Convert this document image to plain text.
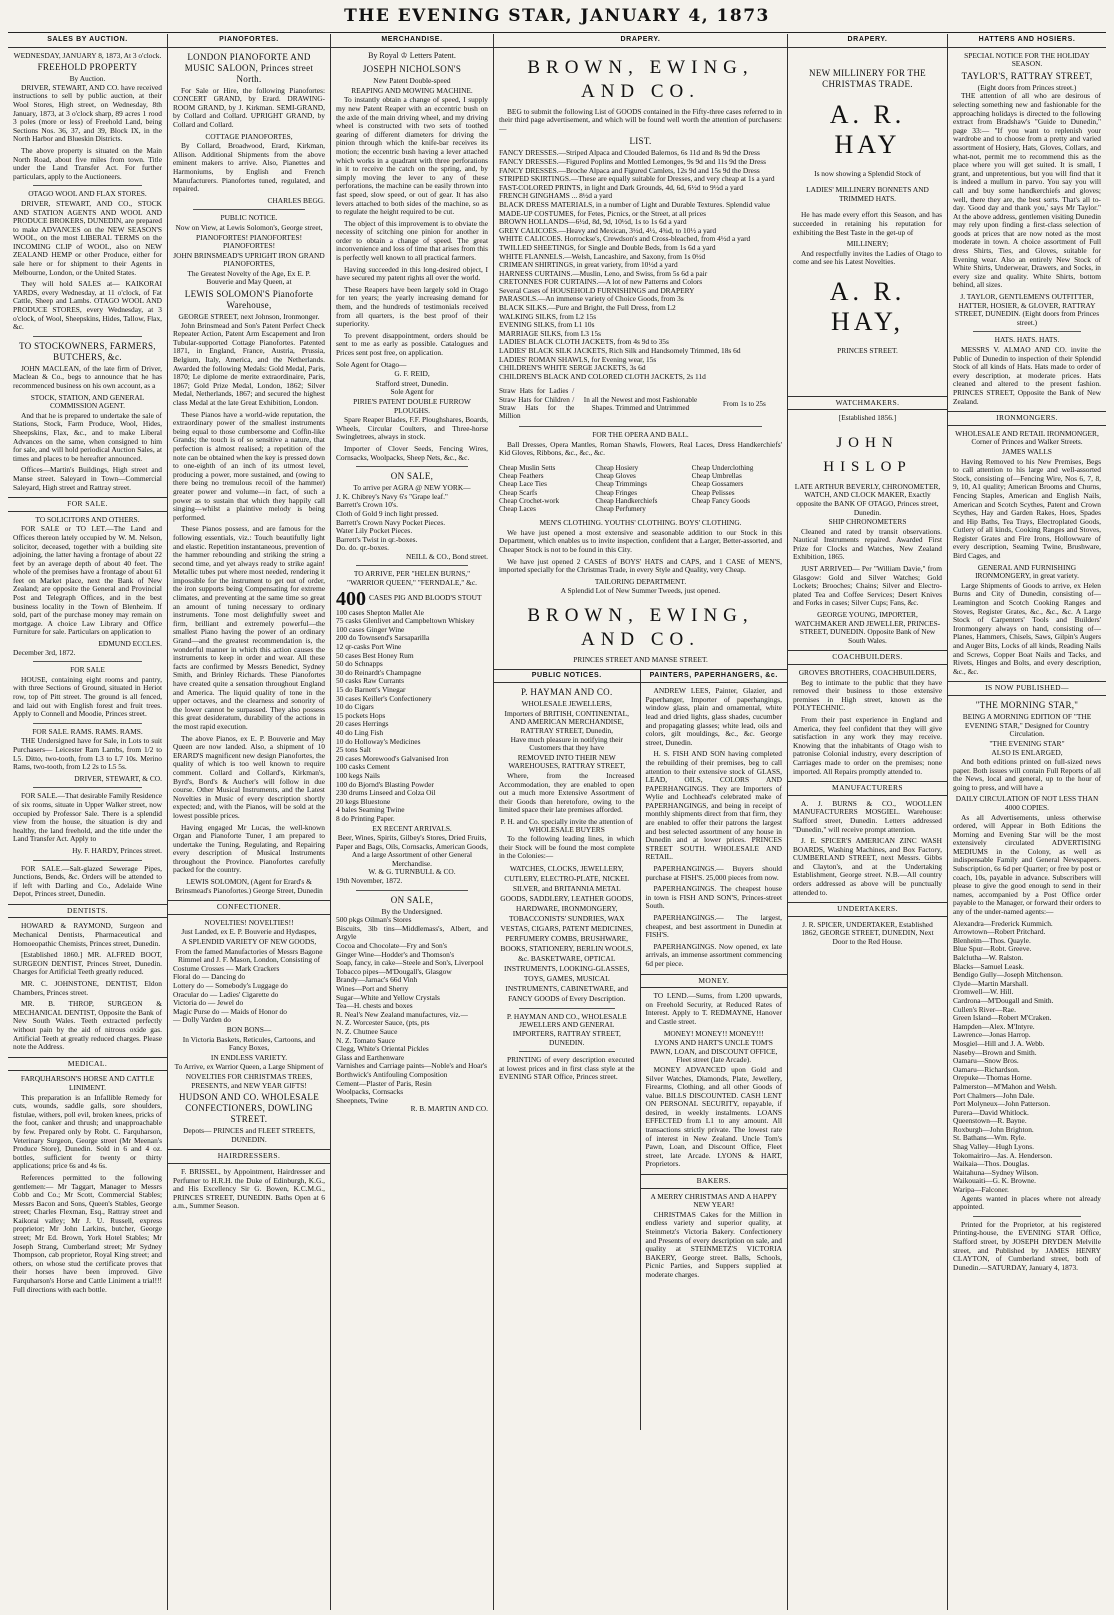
THE EVENING STAR, JANUARY 4, 1873
SALES BY AUCTION.
WEDNESDAY, JANUARY 8, 1873, At 3 o'clock.
FREEHOLD PROPERTY
By Auction.
DRIVER, STEWART, AND CO. have received instructions to sell by public auction, at their Wool Stores, High street, on Wednesday, 8th January, 1873, at 3 o'clock sharp, 89 acres 1 rood 3 poles (more or less) of Freehold Land, being Sections Nos. 36, 37, and 39, Block IX, in the North Harbor and Blueskin Districts.
The above property is situated on the Main North Road, about five miles from town. Title under the Land Transfer Act. For further particulars, apply to the Auctioneers.
OTAGO WOOL AND FLAX STORES.
DRIVER, STEWART, AND CO., STOCK AND STATION AGENTS AND WOOL AND PRODUCE BROKERS, DUNEDIN, are prepared to make ADVANCES on the NEW SEASON'S WOOL, on the most LIBERAL TERMS on the INCOMING CLIP of WOOL, also on NEW ZEALAND HEMP or other Produce, either for sale here or for shipment to their Agents in Melbourne, London, or the United States.
They will hold SALES at— KAIKORAI YARDS, every Wednesday, at 11 o'clock, of Fat Cattle, Sheep and Lambs. OTAGO WOOL AND PRODUCE STORES, every Wednesday, at 3 o'clock, of Wool, Sheepskins, Hides, Tallow, Flax, &c.
TO STOCKOWNERS, FARMERS, BUTCHERS, &c.
JOHN MACLEAN, of the late firm of Driver, Maclean & Co., begs to announce that he has recommenced business on his own account, as a
STOCK, STATION, AND GENERAL COMMISSION AGENT.
And that he is prepared to undertake the sale of Stations, Stock, Farm Produce, Wool, Hides, Sheepskins, Flax, &c., and to make Liberal Advances on the same, when consigned to him for sale, and will hold periodical Auction Sales, at times and places to be hereafter announced.
Offices—Martin's Buildings, High street and Manse street. Saleyard in Town—Commercial Saleyard, High street and Rattray street.
FOR SALE.
TO SOLICITORS AND OTHERS.
FOR SALE or TO LET.—The Land and Offices thereon lately occupied by W. M. Nelson, solicitor, deceased, together with a building site adjoining, the latter having a frontage of about 22 feet by an average depth of about 40 feet. The whole of the premises have a frontage of about 61 feet on Market place, next the Bank of New Zealand; are opposite the General and Provincial Post and Telegraph Offices, and in the best business locality in the Town of Blenheim. If sold, part of the purchase money may remain on mortgage. A choice Law Library and Office Furniture for sale. Particulars on application to
EDMUND ECCLES.
December 3rd, 1872.
FOR SALE
HOUSE, containing eight rooms and pantry, with three Sections of Ground, situated in Heriot row, top of Pitt street. The ground is all fenced, and laid out with English forest and fruit trees. Apply to Connell and Moodie, Princes street.
FOR SALE. RAMS. RAMS. RAMS.
THE Undersigned have for Sale, in Lots to suit Purchasers— Leicester Ram Lambs, from 1/2 to L5. Ditto, two-tooth, from L3 to L7 10s. Merino Rams, two-tooth, from L2 2s to L5 5s.
DRIVER, STEWART, & CO.
FOR SALE.—That desirable Family Residence of six rooms, situate in Upper Walker street, now occupied by Professor Sale. There is a splendid view from the house, the situation is dry and healthy, the land freehold, and the title under the Land Transfer Act. Apply to
Hy. F. HARDY, Princes street.
FOR SALE.—Salt-glazed Sewerage Pipes, Junctions, Bends, &c. Orders will be attended to if left with Darling and Co., Adelaide Wine Depot, Princes street, Dunedin.
DENTISTS.
HOWARD & RAYMOND, Surgeon and Mechanical Dentists, Pharmaceutical and Homoeopathic Chemists, Princes street, Dunedin.
[Established 1860.] MR. ALFRED BOOT, SURGEON DENTIST, Princes Street, Dunedin. Charges for Artificial Teeth greatly reduced.
MR. C. JOHNSTONE, DENTIST, Eldon Chambers, Princes street.
MR. B. THROP, SURGEON & MECHANICAL DENTIST, Opposite the Bank of New South Wales. Teeth extracted perfectly without pain by the aid of nitrous oxide gas. Artificial Teeth at greatly reduced charges. Please note the Address.
MEDICAL.
FARQUHARSON'S HORSE AND CATTLE LINIMENT.
This preparation is an Infallible Remedy for cuts, wounds, saddle galls, sore shoulders, fistulae, withers, poll evil, broken knees, pricks of the foot, canker and thrush; and unapproachable by few. Prepared only by Robt. C. Farquharson, Veterinary Surgeon, George street (Mr Meenan's Produce Store), Dunedin. Sold in 6 and 4 oz. bottles, sufficient for twenty or thirty applications; price 6s and 4s 6s.
References permitted to the following gentlemen:— Mr Taggart, Manager to Messrs Cobb and Co.; Mr Scott, Commercial Stables; Messrs Bacon and Sons, Queen's Stables, George street; Charles Flexman, Esq., Rattray street and Kaikorai valley; Mr J. U. Russell, express proprietor; Mr John Larkins, butcher, George street; Mr Ed. Brown, York Hotel Stables; Mr Joseph Strang, Cumberland street; Mr Sydney Thompson, cab proprietor, Royal King street; and others, on whose stud the certificate proves that their horses have been improved. Give Farquharson's Horse and Cattle Liniment a trial!!! Full directions with each bottle.
PIANOFORTES.
LONDON PIANOFORTE AND MUSIC SALOON, Princes street North.
For Sale or Hire, the following Pianofortes: CONCERT GRAND, by Erard. DRAWING-ROOM GRAND, by J. Kirkman. SEMI-GRAND, by Collard and Collard. UPRIGHT GRAND, by Collard and Collard.
COTTAGE PIANOFORTES,
By Collard, Broadwood, Erard, Kirkman, Allison. Additional Shipments from the above eminent makers to arrive. Also, Pianettes and Harmoniums, by English and French Manufacturers. Pianofortes tuned, regulated, and repaired.
CHARLES BEGG.
PUBLIC NOTICE.
Now on View, at Lewis Solomon's, George street,
PIANOFORTES! PIANOFORTES! PIANOFORTES!
JOHN BRINSMEAD'S UPRIGHT IRON GRAND PIANOFORTES,
The Greatest Novelty of the Age, Ex E. P. Bouverie and May Queen, at
LEWIS SOLOMON'S Pianoforte Warehouse,
GEORGE STREET, next Johnson, Ironmonger.
John Brinsmead and Son's Patent Perfect Check Repeater Action, Patent Arm Escapement and Iron Tubular-supported Cottage Pianofortes. Patented 1871, in England, France, Austria, Prussia, Belgium, Italy, America, and the Netherlands. Awarded the following Medals: Gold Medal, Paris, 1870; Le diplome de merite extraordinaire, Paris, 1867; Gold Prize Medal, London, 1862; Silver Medal, Netherlands, 1867; and secured the highest class Medal at the late Great Exhibition, London.
These Pianos have a world-wide reputation, the extraordinary power of the smallest instruments being equal to those cumbersome and Coffin-like Grands; the touch is of so sensitive a nature, that perfection is almost realised; a repetition of the note can be obtained when the key is pressed down to one-eighth of an inch of its utmost level, producing a power, more sustained, and (owing to there being no tremulous recoil of the hammer) greater power and volume—in fact, of such a power as to sustain that which they happily call singing—whilst a plaintive melody is being performed.
These Pianos possess, and are famous for the following essentials, viz.: Touch beautifully light and elastic. Repetition instantaneous, prevention of the hammer rebounding and striking the string a second time, and yet always ready to strike again! Metallic tubes put where most needed, rendering it impossible for the instrument to get out of order, the iron supports being Compensating for extreme climates, and preventing at the same time so great an amount of tuning necessary to ordinary instruments. Tone most delightfully sweet and firm, brilliant and extremely powerful—the smallest Piano having the power of an ordinary Grand—and the greatest recommendation is, the wonderful manner in which this action causes the instruments to keep in order and wear. All these facts are confirmed by Messrs Benedict, Sydney Smith, and Brinley Richards. These Pianofortes have created quite a sensation throughout England and America. The liquid quality of tone in the upper octaves, and the clearness and sonority of the lower cannot be surpassed. They also possess this great desideratum, durability of the actions in the most rapid execution.
The above Pianos, ex E. P. Bouverie and May Queen are now landed. Also, a shipment of 10 ERARD'S magnificent new design Pianofortes, the quality of which is too well known to require comment. Collard and Collard's, Kirkman's, Byrd's, Bord's & Aucher's will follow in due course. Other Musical Instruments, and the Latest Novelties in Music of every description shortly expected; and, with the Pianos, will be sold at the lowest possible prices.
Having engaged Mr Lucas, the well-known Organ and Pianoforte Tuner, I am prepared to undertake the Tuning, Regulating, and Repairing every description of Musical Instruments throughout the Province. Pianofortes carefully packed for the country.
LEWIS SOLOMON, (Agent for Erard's & Brinsmead's Pianofortes.) George Street, Dunedin
CONFECTIONER.
NOVELTIES! NOVELTIES!!
Just Landed, ex E. P. Bouverie and Hydaspes,
A SPLENDID VARIETY OF NEW GOODS,
From the famed Manufactories of Messrs Bagone Rimmel and J. F. Mason, London, Consisting of
Costume Crosses — Mark Crackers
Floral do — Dancing do
Lottery do — Somebody's Luggage do
Oracular do — Ladies' Cigarette do
Victoria do — Jewel do
Magic Purse do — Maids of Honor do
— Dolly Varden do
BON BONS—
In Victoria Baskets, Reticules, Cartoons, and Fancy Boxes,
IN ENDLESS VARIETY.
To Arrive, ex Warrior Queen, a Large Shipment of
NOVELTIES FOR CHRISTMAS TREES, PRESENTS, and NEW YEAR GIFTS!
HUDSON AND CO. WHOLESALE CONFECTIONERS, DOWLING STREET.
Depots— PRINCES and FLEET STREETS, DUNEDIN.
HAIRDRESSERS.
F. BRISSEL, by Appointment, Hairdresser and Perfumer to H.R.H. the Duke of Edinburgh, K.G., and His Excellency Sir G. Bowen, K.C.M.G., PRINCES STREET, DUNEDIN. Baths Open at 6 a.m., Summer Season.
MERCHANDISE.
By Royal ♔ Letters Patent.
JOSEPH NICHOLSON'S
New Patent Double-speed
REAPING AND MOWING MACHINE.
To instantly obtain a change of speed, I supply my new Patent Reaper with an eccentric bush on the axle of the main driving wheel, and my driving wheel is constructed with two sets of toothed gearing of different diameters for driving the pinion through which the knife-bar receives its motion; the eccentric bush having a lever attached which works in a quadrant with three perforations in it to receive the catch on the spring, and, by simply moving the lever to any of these perforations, the machine can be easily thrown into fast speed, slow speed, or out of gear. It has also levers attached to both sides of the machine, so as to regulate the height required to be cut.
The object of this improvement is to obviate the necessity of scitching one pinion for another in order to obtain a change of speed. The great inconvenience and loss of time that arises from this is perfectly well known to all practical farmers.
Having succeeded in this long-desired object, I have secured my patent rights all over the world.
These Reapers have been largely sold in Otago for ten years; the yearly increasing demand for them, and the hundreds of testimonials received from all quarters, is the best proof of their superiority.
To prevent disappointment, orders should be sent to me as early as possible. Catalogues and Prices sent post free, on application.
Sole Agent for Otago—
G. F. REID,
Stafford street, Dunedin.
Sole Agent for
PIRIE'S PATENT DOUBLE FURROW PLOUGHS.
Spare Reaper Blades, F.F. Ploughshares, Boards, Wheels, Circular Coulters, and Three-horse Swingletrees, always in stock.
Importer of Clover Seeds, Fencing Wires, Cornsacks, Woolpacks, Sheep Nets, &c., &c.
ON SALE,
To arrive per AGRA @ NEW YORK—
J. K. Chibrey's Navy 6's "Grape leaf."
Barrett's Crown 10's.
Cloth of Gold 9 inch light pressed.
Barrett's Crown Navy Pocket Pieces.
Water Lily Pocket Pieces.
Barrett's Twist in qr.-boxes.
Do. do. qr.-boxes.
NEILL & CO., Bond street.
TO ARRIVE, PER "HELEN BURNS," "WARRIOR QUEEN," "FERNDALE," &c.
400 CASES PIG AND BLOOD'S STOUT
100 cases Shepton Mallet Ale
75 casks Glenlivet and Campbeltown Whiskey
100 cases Ginger Wine
200 do Townsend's Sarsaparilla
12 qr-casks Port Wine
50 cases Best Honey Rum
50 do Schnapps
30 do Reinardt's Champagne
50 casks Raw Currants
15 do Barnett's Vinegar
30 cases Keiller's Confectionery
10 do Cigars
15 pockets Hops
20 cases Herrings
40 do Ling Fish
10 do Holloway's Medicines
25 tons Salt
20 cases Morewood's Galvanised Iron
100 casks Cement
100 kegs Nails
100 do Bjornd's Blasting Powder
230 drums Linseed and Colza Oil
20 kegs Bluestone
4 bales Seaming Twine
8 do Printing Paper.
EX RECENT ARRIVALS.
Beer, Wines, Spirits, Gilbey's Stores, Dried Fruits, Paper and Bags, Oils, Cornsacks, American Goods, And a large Assortment of other General Merchandise.
W. & G. TURNBULL & CO.
19th November, 1872.
ON SALE,
By the Undersigned.
500 pkgs Oilman's Stores
Biscuits, 3lb tins—Middlemass's, Albert, and Argyle
Cocoa and Chocolate—Fry and Son's
Ginger Wine—Hodder's and Thomson's
Soap, fancy, in cake—Steele and Son's, Liverpool
Tobacco pipes—M'Dougall's, Glasgow
Brandy—Jarnac's 66d Vinh
Wines—Port and Sherry
Sugar—White and Yellow Crystals
Tea—H. chests and boxes
R. Neal's New Zealand manufactures, viz.—
N. Z. Worcester Sauce, (pts, pts
N. Z. Chutnee Sauce
N. Z. Tomato Sauce
Clegg, White's Oriental Pickles
Glass and Earthenware
Varnishes and Carriage paints—Noble's and Hoar's
Borthwick's Antifouling Composition
Cement—Plaster of Paris, Resin
Woolpacks, Cornsacks
Sheepnets, Twine
R. B. MARTIN AND CO.
DRAPERY.
BROWN, EWING, AND CO.
BEG to submit the following List of GOODS contained in the Fifty-three cases referred to in their third page advertisement, and which will be found well worth the attention of purchasers:—
LIST.
FANCY DRESSES.—Striped Alpaca and Clouded Balernos, 6s 11d and 8s 9d the Dress
FANCY DRESSES.—Figured Poplins and Mottled Lemonges, 9s 9d and 11s 9d the Dress
FANCY DRESSES.—Broche Alpaca and Figured Camlets, 12s 9d and 15s 9d the Dress
STRIPED SKIRTINGS.—These are equally suitable for Dresses, and very cheap at 1s a yard
FAST-COLORED PRINTS, in light and Dark Grounds, 4d, 6d, 6½d to 9½d a yard
FRENCH GINGHAMS ... 8½d a yard
BLACK DRESS MATERIALS, in a number of Light and Durable Textures. Splendid value
MADE-UP COSTUMES, for Fetes, Picnics, or the Street, at all prices
BROWN HOLLANDS—6½d, 8d, 9d, 10½d, 1s to 1s 6d a yard
GREY CALICOES.—Heavy and Mexican, 3½d, 4½, 4¾d, to 10½ a yard
WHITE CALICOES. Horrockse's, Crewdson's and Cross-bleached, from 4½d a yard
TWILLED SHEETINGS, for Single and Double Beds, from 1s 6d a yard
WHITE FLANNELS.—Welsh, Lancashire, and Saxony, from 1s 0½d
CRIMEAN SHIRTINGS, in great variety, from 10½d a yard
HARNESS CURTAINS.—Muslin, Leno, and Swiss, from 5s 6d a pair
CRETONNES FOR CURTAINS.—A lot of new Patterns and Colors
Several Cases of HOUSEHOLD FURNISHINGS and DRAPERY
PARASOLS.—An immense variety of Choice Goods, from 3s
BLACK SILKS.—Pure and Bright, the Full Dress, from L2
WALKING SILKS, from L2 15s
EVENING SILKS, from L1 10s
MARRIAGE SILKS, from L3 15s
LADIES' BLACK CLOTH JACKETS, from 4s 9d to 35s
LADIES' BLACK SILK JACKETS, Rich Silk and Handsomely Trimmed, 18s 6d
LADIES' ROMAN SHAWLS, for Evening wear, 15s
CHILDREN'S WHITE SERGE JACKETS, 3s 6d
CHILDREN'S BLACK AND COLORED CLOTH JACKETS, 2s 11d
Straw Hats for Ladies / Straw Hats for Children / Straw Hats for the Million
In all the Newest and most Fashionable Shapes. Trimmed and Untrimmed
From 1s to 25s
FOR THE OPERA AND BALL.
Ball Dresses, Opera Mantles, Roman Shawls, Flowers, Real Laces, Dress Handkerchiefs' Kid Gloves, Ribbons, &c., &c., &c.
Cheap Muslin Setts
Cheap Feathers
Cheap Lace Ties
Cheap Scarfs
Cheap Crochet-work
Cheap Laces
Cheap Hosiery
Cheap Gloves
Cheap Trimmings
Cheap Fringes
Cheap Handkerchiefs
Cheap Perfumery
Cheap Underclothing
Cheap Umbrellas
Cheap Gossamers
Cheap Pelisses
Cheap Fancy Goods
MEN'S CLOTHING. YOUTHS' CLOTHING. BOYS' CLOTHING.
We have just opened a most extensive and seasonable addition to our Stock in this Department, which enables us to invite inspection, confident that a Larger, Better-assorted, and Cheaper Stock is not to be found in this City.
We have just opened 2 CASES of BOYS' HATS and CAPS, and 1 CASE of MEN'S, imported specially for the Christmas Trade, in every Style and Quality, very Cheap.
TAILORING DEPARTMENT.
A Splendid Lot of New Summer Tweeds, just opened.
BROWN, EWING, AND CO.
PRINCES STREET AND MANSE STREET.
PUBLIC NOTICES.
P. HAYMAN AND CO.
WHOLESALE JEWELLERS,
Importers of BRITISH, CONTINENTAL, AND AMERICAN MERCHANDISE, RATTRAY STREET, Dunedin,
Have much pleasure in notifying their Customers that they have
REMOVED INTO THEIR NEW WAREHOUSES, RATTRAY STREET,
Where, from the Increased Accommodation, they are enabled to open out a much more Extensive Assortment of their Goods than heretofore, owing to the limited space their late premises afforded.
P. H. and Co. specially invite the attention of WHOLESALE BUYERS
To the following leading lines, in which their Stock will be found the most complete in the Colonies:—
WATCHES, CLOCKS, JEWELLERY, CUTLERY, ELECTRO-PLATE, NICKEL SILVER, and BRITANNIA METAL GOODS, SADDLERY, LEATHER GOODS, HARDWARE, IRONMONGERY, TOBACCONISTS' SUNDRIES, WAX VESTAS, CIGARS, PATENT MEDICINES, PERFUMERY COMBS, BRUSHWARE, BOOKS, STATIONERY, BERLIN WOOLS, &c. BASKETWARE, OPTICAL INSTRUMENTS, LOOKING-GLASSES, TOYS, GAMES, MUSICAL INSTRUMENTS, CABINETWARE, and FANCY GOODS of Every Description.
P. HAYMAN AND CO., WHOLESALE JEWELLERS AND GENERAL IMPORTERS, RATTRAY STREET, DUNEDIN.
PRINTING of every description executed at lowest prices and in first class style at the EVENING STAR Office, Princes street.
PAINTERS, PAPERHANGERS, &c.
ANDREW LEES, Painter, Glazier, and Paperhanger, Importer of paperhangings, window glass, plain and ornamental, white lead and dried lights, glass shades, cucumber and propagating glasses; white lead, oils and colors, gilt mouldings, &c., &c. George street, Dunedin.
H. S. FISH AND SON having completed the rebuilding of their premises, beg to call attention to their extensive stock of GLASS, LEAD, OILS, COLORS AND PAPERHANGINGS. They are Importers of Wylie and Lochhead's celebrated make of PAPERHANGINGS, and being in receipt of monthly shipments direct from that firm, they are enabled to offer their patrons the largest and best selected assortment of any house in Dunedin and at lower prices. PRINCES STREET SOUTH. WHOLESALE AND RETAIL.
PAPERHANGINGS.— Buyers should purchase at FISH'S. 25,000 pieces from now.
PAPERHANGINGS. The cheapest house in town is FISH AND SON'S, Princes-street South.
PAPERHANGINGS.— The largest, cheapest, and best assortment in Dunedin at FISH'S.
PAPERHANGINGS. Now opened, ex late arrivals, an immense assortment commencing 6d per piece.
MONEY.
TO LEND.—Sums, from L200 upwards, on Freehold Security, at Reduced Rates of Interest. Apply to T. REDMAYNE, Hanover and Castle street.
MONEY! MONEY!! MONEY!!!
LYONS AND HART'S UNCLE TOM'S PAWN, LOAN, and DISCOUNT OFFICE, Fleet street (late Arcade).
MONEY ADVANCED upon Gold and Silver Watches, Diamonds, Plate, Jewellery, Firearms, Clothing, and all other Goods of value. BILLS DISCOUNTED. CASH LENT ON PERSONAL SECURITY, repayable, if desired, in weekly instalments. LOANS EFFECTED from L1 to any amount. All transactions strictly private. The lowest rate of interest in New Zealand. Uncle Tom's Pawn, Loan, and Discount Office, Fleet street, late Arcade. LYONS & HART, Proprietors.
BAKERS.
A MERRY CHRISTMAS AND A HAPPY NEW YEAR!
CHRISTMAS Cakes for the Million in endless variety and superior quality, at Steinmetz's Victoria Bakery. Confectionery and Presents of every description on sale, and quality at STEINMETZ'S VICTORIA BAKERY, George street. Balls, Schools, Picnic Parties, and Suppers supplied at moderate charges.
DRAPERY.
NEW MILLINERY FOR THE CHRISTMAS TRADE.
A. R. HAY
Is now showing a Splendid Stock of
LADIES' MILLINERY BONNETS AND TRIMMED HATS.
He has made every effort this Season, and has succeeded in retaining his reputation for exhibiting the Best Taste in the get-up of
MILLINERY;
And respectfully invites the Ladies of Otago to come and see his Latest Novelties.
A. R. HAY,
PRINCES STREET.
WATCHMAKERS.
[Established 1856.]
JOHN HISLOP
LATE ARTHUR BEVERLY, CHRONOMETER, WATCH, AND CLOCK MAKER, Exactly opposite the BANK OF OTAGO, Princes street, Dunedin.
SHIP CHRONOMETERS
Cleaned and rated by transit observations. Nautical Instruments repaired. Awarded First Prize for Clocks and Watches, New Zealand Exhibition, 1865.
JUST ARRIVED— Per "William Davie," from Glasgow: Gold and Silver Watches; Gold Lockets; Brooches; Chains; Silver and Electro-plated Tea and Coffee Services; Desert Knives and Forks in cases; Silver Cups; Fans, &c.
GEORGE YOUNG, IMPORTER, WATCHMAKER AND JEWELLER, PRINCES-STREET, DUNEDIN. Opposite Bank of New South Wales.
COACHBUILDERS.
GROVES BROTHERS, COACHBUILDERS,
Beg to intimate to the public that they have removed their business to those extensive premises in High street, known as the POLYTECHNIC.
From their past experience in England and America, they feel confident that they will give satisfaction in any work they may receive. Knowing that the inhabitants of Otago wish to patronise Colonial industry, every description of Carriages made to order on the premises; none imported. All Repairs promptly attended to.
MANUFACTURERS
A. J. BURNS & CO., WOOLLEN MANUFACTURERS MOSGIEL. Warehouse: Stafford street, Dunedin. Letters addressed "Dunedin," will receive prompt attention.
J. E. SPICER'S AMERICAN ZINC WASH BOARDS, Washing Machines, and Box Factory, CUMBERLAND STREET, next Messrs. Gibbs and Clayton's, and at the Undertaking Establishment, George street. N.B.—All country orders addressed as above will be punctually attended to.
UNDERTAKERS.
J. R. SPICER, UNDERTAKER, Established 1862, GEORGE STREET, DUNEDIN, Next Door to the Red House.
HATTERS AND HOSIERS.
SPECIAL NOTICE FOR THE HOLIDAY SEASON.
TAYLOR'S, RATTRAY STREET,
(Eight doors from Princes street.)
THE attention of all who are desirous of selecting something new and fashionable for the approaching holidays is directed to the following extract from Bradshaw's "Guide to Dunedin," page 33:— "If you want to replenish your wardrobe and to choose from a pretty and varied assortment of Hosiery, Hats, Gloves, Collars, and what-not, permit me to recommend this as the place where you will get suited. It is small, I grant, and unpretentious, but you will find that it is indeed a mullum in parvo. You say you will call and buy some handkerchiefs and gloves; well, there they are, the best sorts. That's all to-day. 'Good day and thank you,' says Mr Taylor." At the above address, gentlemen visiting Dunedin may rely upon finding a first-class selection of goods at prices that are now noted as the most moderate in town. A choice assortment of Full dress Shirts, Ties, and Gloves, suitable for Evening wear. Also an entirely New Stock of White Shirts, Underwear, Drawers, and Socks, in every size and quality. White Shirts, bottom behind, all sizes.
J. TAYLOR, GENTLEMEN'S OUTFITTER, HATTER, HOSIER, & GLOVER, RATTRAY STREET, DUNEDIN. (Eight doors from Princes street.)
HATS. HATS. HATS.
MESSRS V. ALMAO AND CO. invite the Public of Dunedin to inspection of their Splendid Stock of all kinds of Hats. Hats made to order of every description, at moderate prices. Hats cleaned and altered to the present fashion. PRINCES STREET, Opposite the Bank of New Zealand.
IRONMONGERS.
WHOLESALE AND RETAIL IRONMONGER, Corner of Princes and Walker Streets.
JAMES WALLS
Having Removed to his New Premises, Begs to call attention to his large and well-assorted Stock, consisting of—Fencing Wire, Nos 6, 7, 8, 9, 10, A1 quality; American Brooms and Churns, Fencing Staples, American and English Nails, American and Scotch Scythes, Patent and Crown Scythes, Hay and Garden Rakes, Hoes, Spades and Hip Baths, Tea Trays, Electroplated Goods, Cutlery of all kinds, Cooking Ranges and Stoves, Register Grates and Fire Irons, Hollowware of every description, Seaming Twine, Brushware, Bird Cages, and
GENERAL AND FURNISHING IRONMONGERY, in great variety.
Large Shipments of Goods to arrive, ex Helen Burns and City of Dunedin, consisting of— Leamington and Scotch Cooking Ranges and Stoves, Register Grates, &c., &c., &c. A Large Stock of Carpenters' Tools and Builders' Ironmongery always on hand, consisting of— Planes, Hammers, Chisels, Saws, Gilpin's Augers and Auger Bits, Locks of all kinds, Reading Nails and Screws, Copper Boat Nails and Tacks, and Rivets, Hinges and Bolts, and every description, &c., &c.
IS NOW PUBLISHED—
"THE MORNING STAR,"
BEING A MORNING EDITION OF "THE EVENING STAR," Designed for Country Circulation.
"THE EVENING STAR"
ALSO IS ENLARGED,
And both editions printed on full-sized news paper. Both issues will contain Full Reports of all the News, local and general, up to the hour of going to press, and will have a
DAILY CIRCULATION OF NOT LESS THAN 4000 COPIES.
As all Advertisements, unless otherwise ordered, will Appear in Both Editions the Morning and Evening Star will be the most extensively circulated ADVERTISING MEDIUMS in the Colony, as well as indispensable Family and General Newspapers. Subscription, 6s 6d per Quarter; or free by post or coach, 10s, payable in advance. Subscribers will please to give the good enough to send in their names, accompanied by a Post Office order payable to the Manager, or forward their orders to any of the under-named agents:—
Alexandra—Frederick Kummich.
Arrowtown—Robert Pritchard.
Blenheim—Thos. Quayle.
Blue Spur—Robt. Greeve.
Balclutha—W. Ralston.
Blacks—Samuel Leask.
Bendigo Gully—Joseph Mitchenson.
Clyde—Martin Marshall.
Cromwell—W. Hill.
Cardrona—M'Dougall and Smith.
Cullen's River—Rae.
Green Island—Robert M'Craken.
Hampden—Alex. M'Intyre.
Lawrence—Jonas Harrop.
Mosgiel—Hill and J. A. Webb.
Naseby—Brown and Smith.
Oamaru—Snow Bros.
Oamaru—Richardson.
Orepuke—Thomas Horne.
Palmerston—M'Mahon and Welsh.
Port Chalmers—John Dale.
Port Molyneux—John Patterson.
Purera—David Whitlock.
Queenstown—R. Bayne.
Roxburgh—John Brighton.
St. Bathans—Wm. Ryle.
Shag Valley—Hugh Lyons.
Tokomairiro—Jas. A. Henderson.
Waikaia—Thos. Douglas.
Waitahuna—Sydney Wilson.
Waikouaiti—G. K. Browne.
Waripa—Falconer.
Agents wanted in places where not already appointed.
Printed for the Proprietor, at his registered Printing-house, the EVENING STAR Office, Stafford street, by JOSEPH DRYDEN Melville street, and Published by JAMES HENRY CLAYTON, of Cumberland street, both of Dunedin.—SATURDAY, January 4, 1873.
